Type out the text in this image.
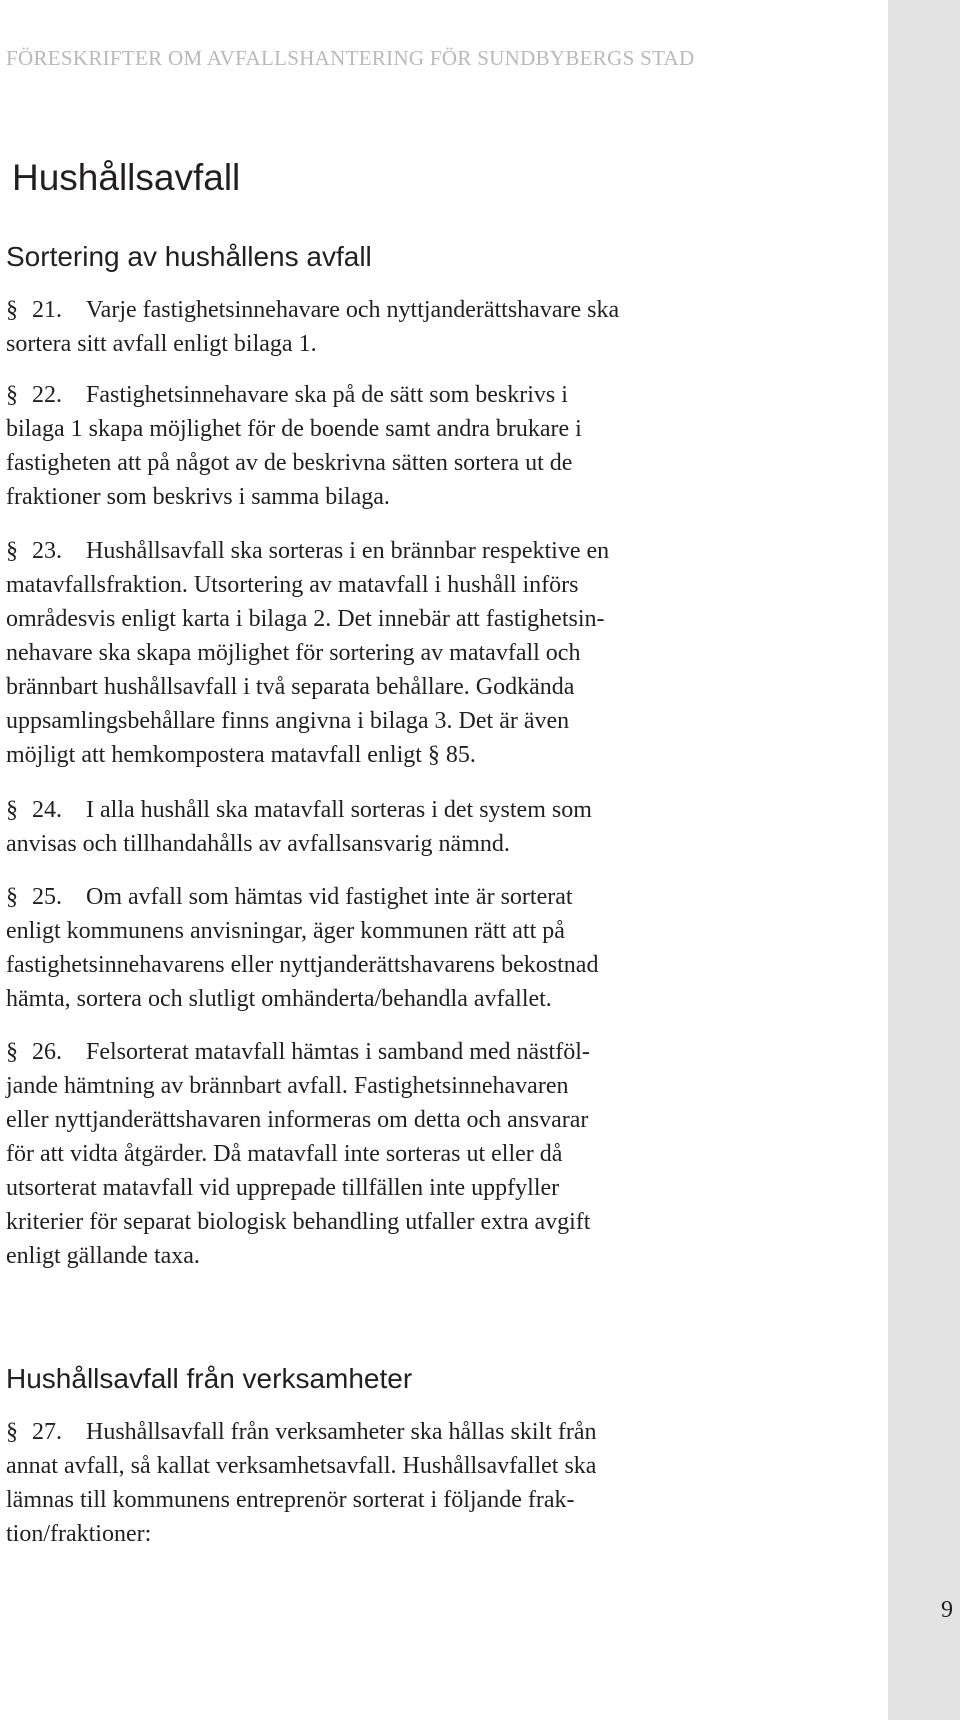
FÖRESKRIFTER OM AVFALLSHANTERING FÖR SUNDBYBERGS STAD
Hushållsavfall
Sortering av hushållens avfall
§ 21. Varje fastighetsinnehavare och nyttjanderättshavare ska
sortera sitt avfall enligt bilaga 1.
§ 22. Fastighetsinnehavare ska på de sätt som beskrivs i
bilaga 1 skapa möjlighet för de boende samt andra brukare i
fastigheten att på något av de beskrivna sätten sortera ut de
fraktioner som beskrivs i samma bilaga.
§ 23. Hushållsavfall ska sorteras i en brännbar respektive en
matavfallsfraktion. Utsortering av matavfall i hushåll införs
områdesvis enligt karta i bilaga 2. Det innebär att fastighetsin-
nehavare ska skapa möjlighet för sortering av matavfall och
brännbart hushållsavfall i två separata behållare. Godkända
uppsamlingsbehållare finns angivna i bilaga 3. Det är även
möjligt att hemkompostera matavfall enligt § 85.
§ 24. I alla hushåll ska matavfall sorteras i det system som
anvisas och tillhandahålls av avfallsansvarig nämnd.
§ 25. Om avfall som hämtas vid fastighet inte är sorterat
enligt kommunens anvisningar, äger kommunen rätt att på
fastighetsinnehavarens eller nyttjanderättshavarens bekostnad
hämta, sortera och slutligt omhänderta/behandla avfallet.
§ 26. Felsorterat matavfall hämtas i samband med nästföl-
jande hämtning av brännbart avfall. Fastighetsinnehavaren
eller nyttjanderättshavaren informeras om detta och ansvarar
för att vidta åtgärder. Då matavfall inte sorteras ut eller då
utsorterat matavfall vid upprepade tillfällen inte uppfyller
kriterier för separat biologisk behandling utfaller extra avgift
enligt gällande taxa.
Hushållsavfall från verksamheter
§ 27. Hushållsavfall från verksamheter ska hållas skilt från
annat avfall, så kallat verksamhetsavfall. Hushållsavfallet ska
lämnas till kommunens entreprenör sorterat i följande frak-
tion/fraktioner:
9
